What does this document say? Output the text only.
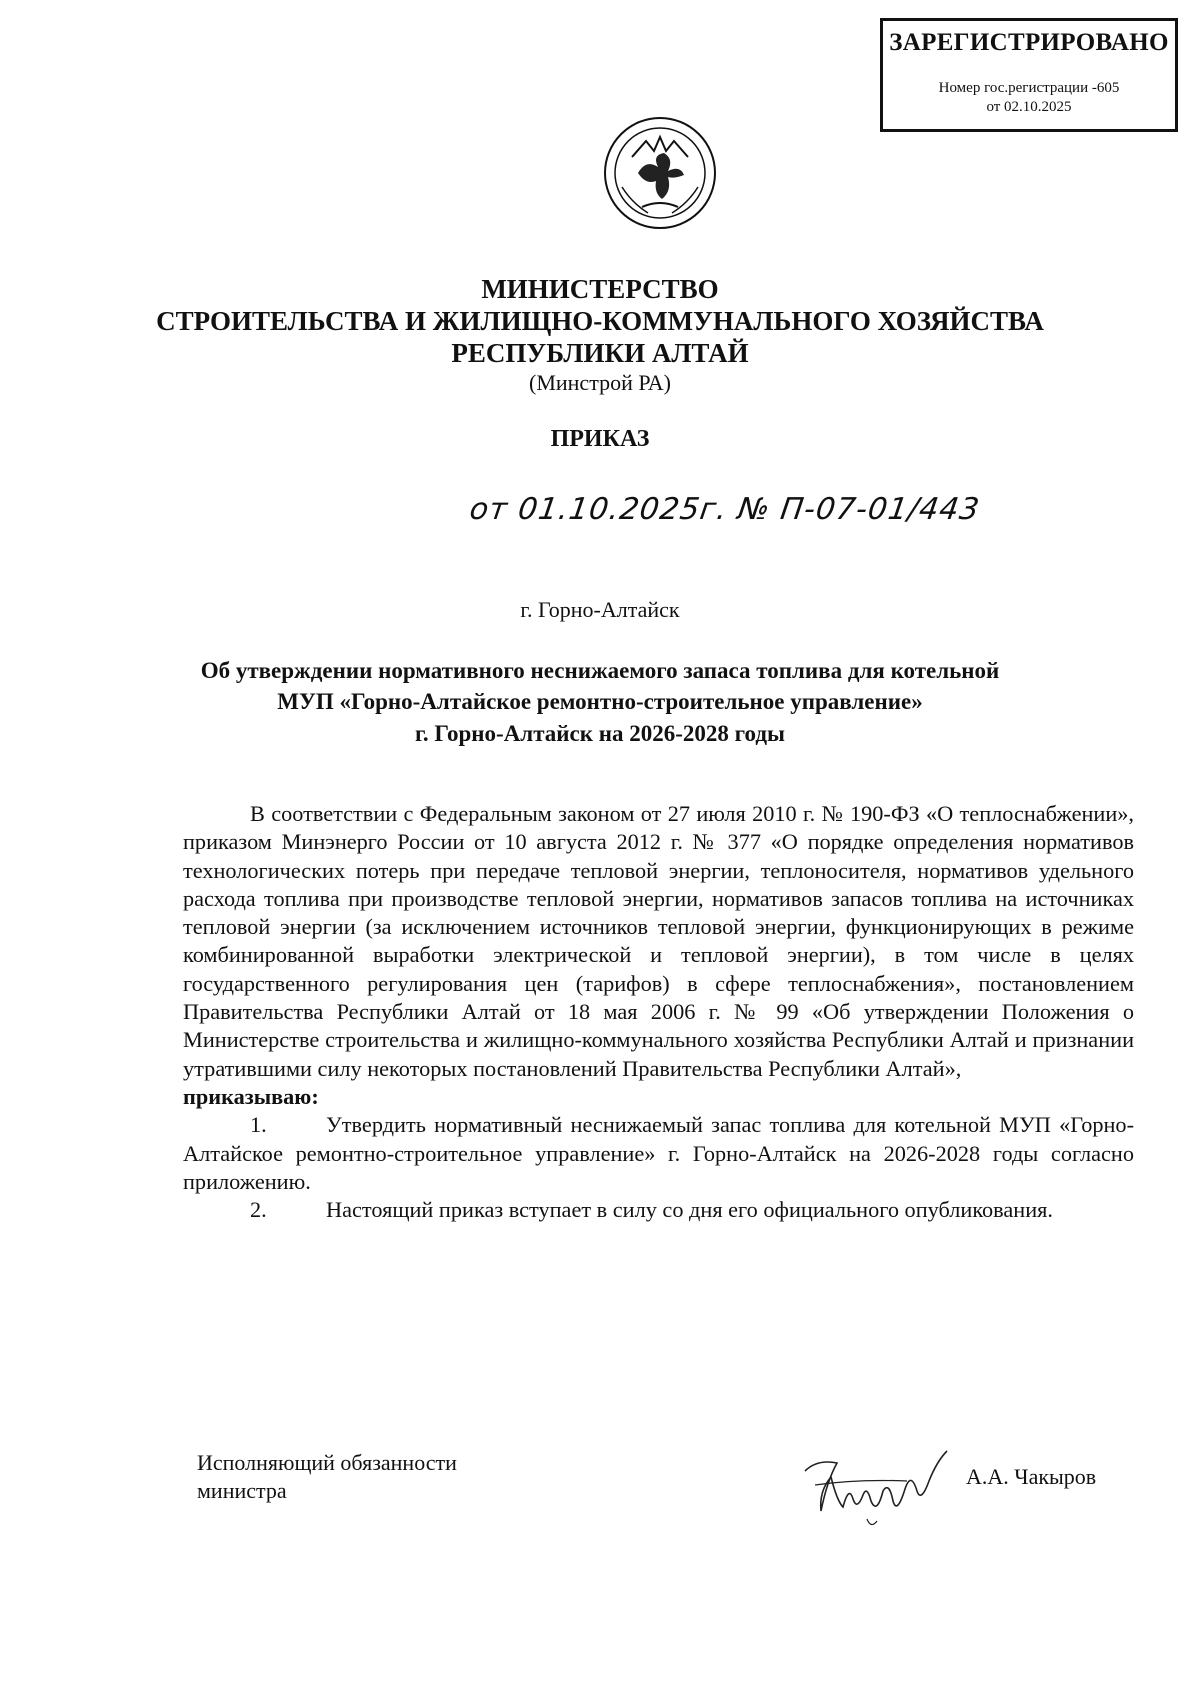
ЗАРЕГИСТРИРОВАНО
Номер гос.регистрации -605
от 02.10.2025
МИНИСТЕРСТВО
СТРОИТЕЛЬСТВА И ЖИЛИЩНО-КОММУНАЛЬНОГО ХОЗЯЙСТВА
РЕСПУБЛИКИ АЛТАЙ
(Минстрой РА)
ПРИКАЗ
от 01.10.2025г. № П-07-01/443
г. Горно-Алтайск
Об утверждении нормативного неснижаемого запаса топлива для котельной
МУП «Горно-Алтайское ремонтно-строительное управление»
г. Горно-Алтайск на 2026-2028 годы

В соответствии с Федеральным законом от 27 июля 2010 г. № 190-ФЗ «О теплоснабжении», приказом Минэнерго России от 10 августа 2012 г. № 377 «О порядке определения нормативов технологических потерь при передаче тепловой энергии, теплоносителя, нормативов удельного расхода топлива при производстве тепловой энергии, нормативов запасов топлива на источниках тепловой энергии (за исключением источников тепловой энергии, функционирующих в режиме комбинированной выработки электрической и тепловой энергии), в том числе в целях государственного регулирования цен (тарифов) в сфере теплоснабжения», постановлением Правительства Республики Алтай от 18 мая 2006 г. № 99 «Об утверждении Положения о Министерстве строительства и жилищно-коммунального хозяйства Республики Алтай и признании утратившими силу некоторых постановлений Правительства Республики Алтай»,

приказываю:

1.	Утвердить нормативный неснижаемый запас топлива для котельной МУП «Горно-Алтайское ремонтно-строительное управление» г. Горно-Алтайск на 2026-2028 годы согласно приложению.

2.	Настоящий приказ вступает в силу со дня его официального опубликования.

Исполняющий обязанности
министра
А.А. Чакыров
